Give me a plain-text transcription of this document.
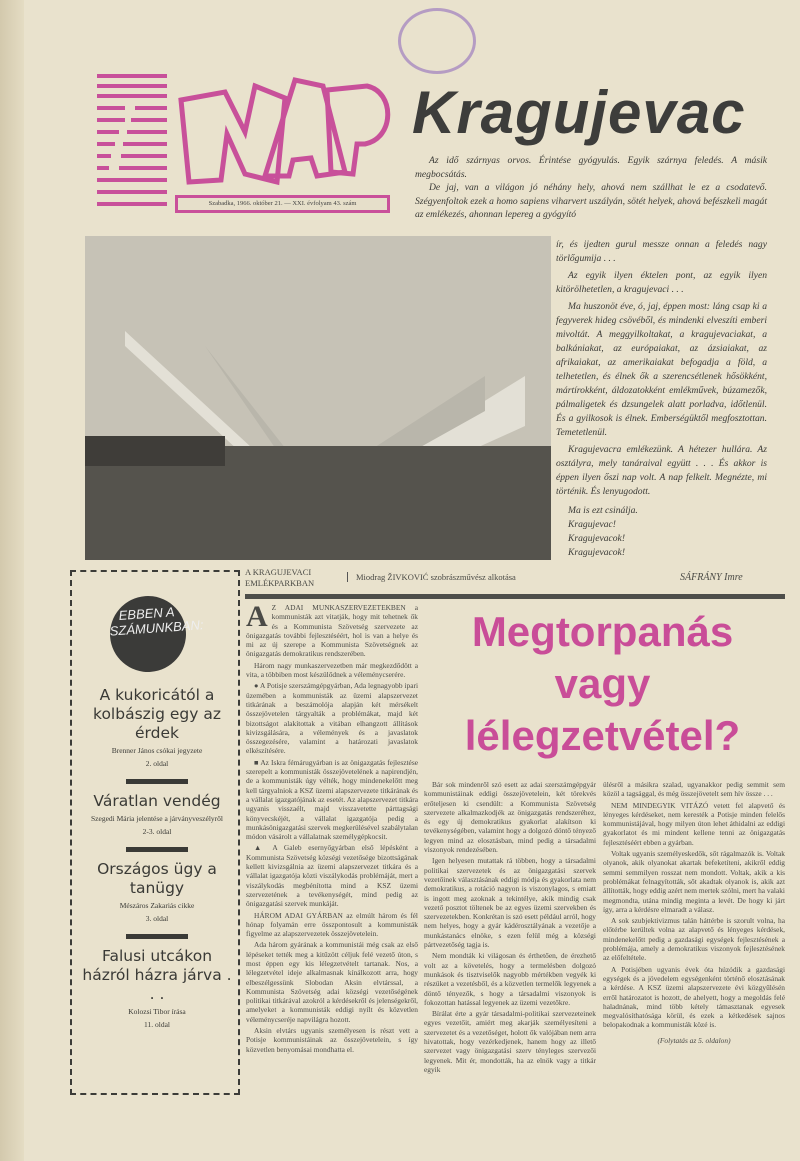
Szabadka, 1966. október 21. — XXI. évfolyam 43. szám
Kragujevac

Az idő szárnyas orvos. Érintése gyógyulás. Egyik szárnya feledés. A másik megbocsátás.

De jaj, van a világon jó néhány hely, ahová nem szállhat le ez a csodatevő. Szégyenfoltok ezek a homo sapiens viharvert uszályán, sötét helyek, ahová befészkeli magát az emlékezés, ahonnan lepereg a gyógyító

ír, és ijedten gurul messze onnan a feledés nagy törlőgumija . . .

Az egyik ilyen éktelen pont, az egyik ilyen kitörölhetetlen, a kragujevaci . . .

Ma huszonöt éve, ó, jaj, éppen most: láng csap ki a fegyverek hideg csövéből, és mindenki elveszíti emberi mivoltát. A meggyilkoltakat, a kragujevaciakat, a balkániakat, az európaiakat, az ázsiaiakat, az afrikaiakat, az amerikaiakat befogadja a föld, a telhetetlen, és élnek ők a szerencsétlenek hősökként, mártírokként, áldozatokként emlékművek, búzamezők, pálmaligetek és dzsungelek alatt porladva, időtlenül. És a gyilkosok is élnek. Emberségüktől megfosztottan. Temetetlenül.

Kragujevacra emlékezünk. A hétezer hullára. Az osztályra, mely tanáraival együtt . . . És akkor is éppen ilyen őszi nap volt. A nap felkelt. Megnézte, mi történik. És lenyugodott.

Ma is ezt csinálja.
Kragujevac!
Kragujevacok!
Kragujevacok!
A KRAGUJEVACI EMLÉKPARKBAN
Miodrag ŽIVKOVIĆ szobrászművész alkotása	SÁFRÁNY Imre
EBBEN A SZÁMUNKBAN:
A kukoricától a kolbászig egy az érdek
Brenner János csókai jegyzete
2. oldal
Váratlan vendég
Szegedi Mária jelentése a járványveszélyről
2-3. oldal
Országos ügy a tanügy
Mészáros Zakariás cikke
3. oldal
Falusi utcákon házról házra járva . . .
Kolozsi Tibor írása
11. oldal

A Z ADAI MUNKASZERVEZETEKBEN a kommunisták azt vitatják, hogy mit tehetnek ők és a Kommunista Szövetség szervezete az önigazgatás további fejlesztéséért, hol is van a helye és mi az új szerepe a Kommunista Szövetségnek az önigazgatás demokratikus rendszerében.

Három nagy munkaszervezetben már megkezdődött a vita, a többiben most készülődnek a véleménycserére.

● A Potisje szerszámgépgyárban, Ada legnagyobb ipari üzemében a kommunisták az üzemi alapszervezet titkárának a beszámolója alapján két mérsékelt összejövetelen tárgyalták a problémákat, majd két bizottságot alakítottak a vitában elhangzott állítások kivizsgálására, a vélemények és a javaslatok összegezésére, valamint a határozati javaslatok elkészítésére.

■ Az Iskra fémárugyárban is az önigazgatás fejlesztése szerepelt a kommunisták összejövetelének a napirendjén, de a kommunisták úgy vélték, hogy mindenekelőtt meg kell tárgyalniok a KSZ üzemi alapszervezete titkárának és a vállalat igazgatójának az esetét. Az alapszervezet titkára ugyanis visszaélt, majd visszavetette párttagsági könyvecskéjét, a vállalat igazgatója pedig a munkásönigazgatási szervek megkerülésével szabálytalan módon vásárolt a vállalatnak személygépkocsit.

▲ A Galeb esernyőgyárban első lépésként a Kommunista Szövetség községi vezetősége bizottságának kellett kivizsgálnia az üzemi alapszervezet titkára és a vállalat igazgatója közti viszálykodás problémáját, mert a viszálykodás megbénította mind a KSZ üzemi szervezetének a tevékenységét, mind pedig az önigazgatási szervek munkáját.

HÁROM ADAI GYÁRBAN az elmúlt három és fél hónap folyamán erre összpontosult a kommunisták figyelme az alapszervezetek összejövetelein.

Ada három gyárának a kommunistái még csak az első lépéseket tették meg a kitűzött céljuk felé vezető úton, s most éppen egy kis lélegzetvételt tartanak. Nos, a lélegzetvétel ideje alkalmasnak kínálkozott arra, hogy elbeszélgessünk Slobodan Aksin elvtárssal, a Kommunista Szövetség adai községi vezetőségének politikai titkárával azokról a kérdésekről és jelenségekről, amelyeket a kommunisták eddigi nyílt és közvetlen véleménycseréje napvilágra hozott.

Aksin elvtárs ugyanis személyesen is részt vett a Potisje kommunistáinak az összejövetelein, s így közvetlen benyomásai mondhatta el.

Megtorpanás vagy lélegzetvétel?

Bár sok mindenről szó esett az adai szerszámgépgyár kommunistáinak eddigi összejövetelein, két törekvés erőteljesen ki csendült: a Kommunista Szövetség szervezete alkalmazkodjék az önigazgatás rendszeréhez, és egy új demokratikus gyakorlat alakítson ki tevékenységében, valamint hogy a dolgozó döntő tényező legyen mind az elosztásban, mind pedig a társadalmi viszonyok rendezésében.

Igen helyesen mutattak rá többen, hogy a társadalmi politikai szervezetek és az önigazgatási szervek vezetőinek választásának eddigi módja és gyakorlata nem demokratikus, a rotáció nagyon is viszonylagos, s emiatt is ingott meg azoknak a tekintélye, akik mindig csak vezető posztot töltenek be az egyes üzemi szervekben és szervezetekben. Konkrétan is szó esett például arról, hogy nem helyes, hogy a gyár kádérosztályának a vezetője a munkástanács elnöke, s ezen felül még a községi pártvezetőség tagja is.

Nem mondták ki világosan és érthetően, de érezhető volt az a követelés, hogy a termelésben dolgozó munkások és tisztviselők nagyobb mértékben vegyék ki részüket a vezetésből, és a közvetlen termelők legyenek a döntő tényezők, s hogy a társadalmi viszonyok is fokozottan hatással legyenek az üzemi vezetőkre.

Bírálat érte a gyár társadalmi-politikai szervezeteinek egyes vezetőit, amiért meg akarják személyesíteni a szervezetet és a vezetőséget, holott ők valójában nem arra hivatottak, hogy vezérkedjenek, hanem hogy az illető szervezet vagy önigazgatási szerv tényleges szervezői legyenek. Mit ér, mondották, ha az elnök vagy a titkár egyik

ülésről a másikra szalad, ugyanakkor pedig semmit sem közöl a tagsággal, és még összejövetelt sem hív össze . . .

NEM MINDEGYIK VITÁZÓ vetett fel alapvető és lényeges kérdéseket, nem keresték a Potisje minden felelős kommunistájával, hogy milyen úton lehet áthidalni az eddigi gyakorlatot és mi mindent kellene tenni az önigazgatás fejlesztéséért ebben a gyárban.

Voltak ugyanis személyeskedők, sőt rágalmazók is. Voltak olyanok, akik olyanokat akartak befeketíteni, akikről eddig semmi semmilyen rosszat nem mondott. Voltak, akik a kis problémákat felnagyították, sőt akadtak olyanok is, akik azt állították, hogy eddig azért nem mertek szólni, mert ha valaki megmondta, utána mindig meginta a levét. De hogy ki járt így, arra a kérdésre elmaradt a válasz.

A sok szubjektivizmus talán háttérbe is szorult volna, ha előtérbe kerültek volna az alapvető és lényeges kérdések, mindenekelőtt pedig a gazdasági egységek fejlesztésének a problémája, amely a demokratikus viszonyok fejlesztésének az előfeltétele.

A Potisjében ugyanis évek óta húzódik a gazdasági egységek és a jövedelem egységenként történő elosztásának a kérdése. A KSZ üzemi alapszervezete évi közgyűlésén erről határozatot is hozott, de ahelyett, hogy a megoldás felé haladnának, mind több kétely támasztanak egyesek megvalósíthatósága körül, és ezek a kétkedések sajnos belopakodnak a kommunisták közé is.

(Folytatás az 5. oldalon)
